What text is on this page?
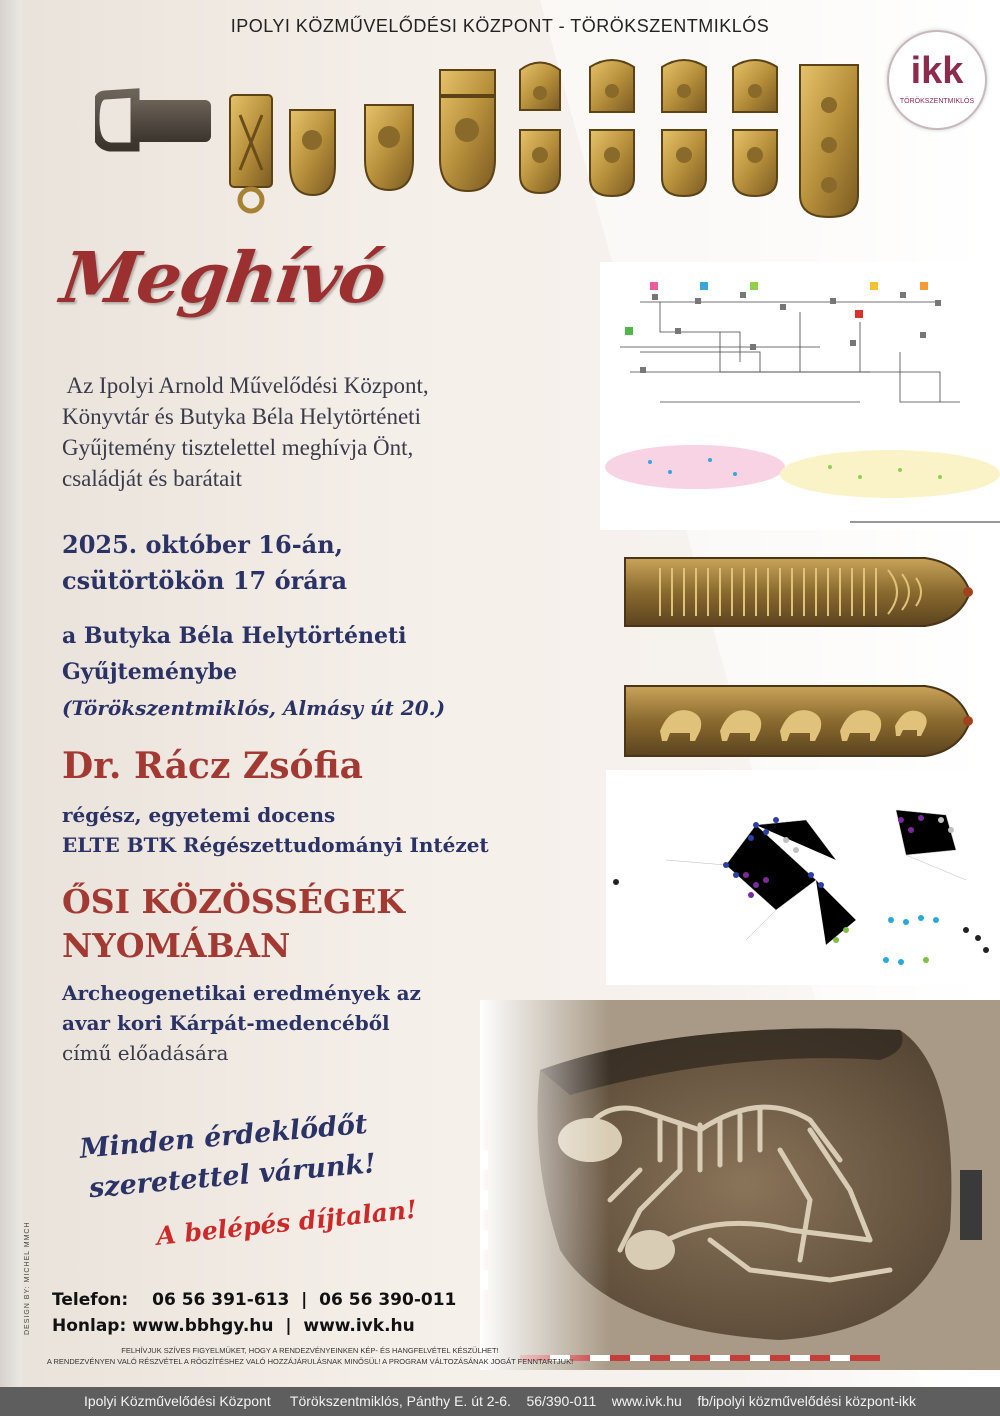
IPOLYI KÖZMŰVELŐDÉSI KÖZPONT - TÖRÖKSZENTMIKLÓS
ikk
TÖRÖKSZENTMIKLÓS
Meghívó
Az Ipolyi Arnold Művelődési Központ,
Könyvtár és Butyka Béla Helytörténeti
Gyűjtemény tisztelettel meghívja Önt,
családját és barátait
2025. október 16-án,
csütörtökön 17 órára
a Butyka Béla Helytörténeti
Gyűjteménybe
(Törökszentmiklós, Almásy út 20.)
Dr. Rácz Zsófia
régész, egyetemi docens
ELTE BTK Régészettudományi Intézet
ŐSI KÖZÖSSÉGEK
NYOMÁBAN
Archeogenetikai eredmények az
avar kori Kárpát-medencéből
című előadására
Minden érdeklődőt
szeretettel várunk!
A belépés díjtalan!
Telefon: 06 56 391-613  |  06 56 390-011
Honlap: www.bbhgy.hu  |  www.ivk.hu
DESIGN BY: MICHEL MMCH
FELHÍVJUK SZÍVES FIGYELMÜKET, HOGY A RENDEZVÉNYEINKEN KÉP- ÉS HANGFELVÉTEL KÉSZÜLHET!
A RENDEZVÉNYEN VALÓ RÉSZVÉTEL A RÖGZÍTÉSHEZ VALÓ HOZZÁJÁRULÁSNAK MINŐSÜL! A PROGRAM VÁLTOZÁSÁNAK JOGÁT FENNTARTJUK!
Ipolyi Közművelődési Központ     Törökszentmiklós, Pánthy E. út 2-6.    56/390-011    www.ivk.hu    fb/ipolyi közművelődési központ-ikk
